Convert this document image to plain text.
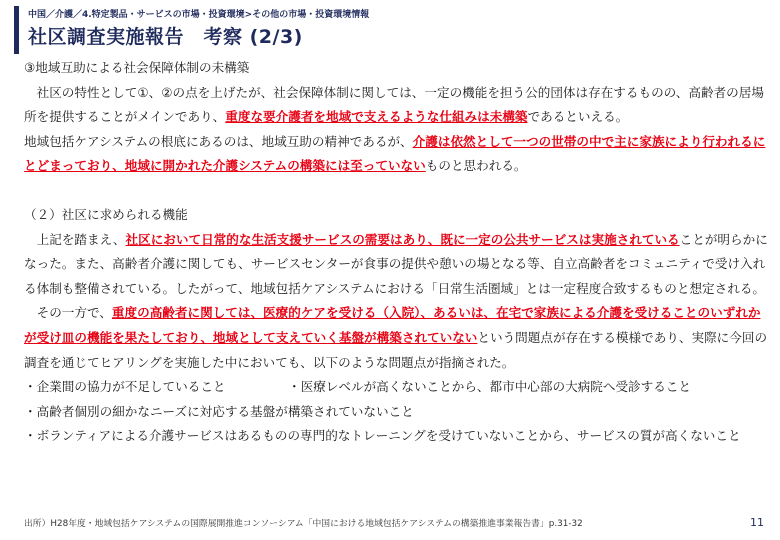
中国／介護／4.特定製品・サービスの市場・投資環境>その他の市場・投資環境情報
社区調査実施報告　考察 (2/3)

③地域互助による社会保障体制の未構築

社区の特性として①、②の点を上げたが、社会保障体制に関しては、一定の機能を担う公的団体は存在するものの、高齢者の居場所を提供することがメインであり、重度な要介護者を地域で支えるような仕組みは未構築であるといえる。

地域包括ケアシステムの根底にあるのは、地域互助の精神であるが、介護は依然として一つの世帯の中で主に家族により行われるにとどまっており、地域に開かれた介護システムの構築には至っていないものと思われる。

（２）社区に求められる機能

上記を踏まえ、社区において日常的な生活支援サービスの需要はあり、既に一定の公共サービスは実施されていることが明らかになった。また、高齢者介護に関しても、サービスセンターが食事の提供や憩いの場となる等、自立高齢者をコミュニティで受け入れる体制も整備されている。したがって、地域包括ケアシステムにおける「日常生活圏域」とは一定程度合致するものと想定される。

その一方で、重度の高齢者に関しては、医療的ケアを受ける（入院）、あるいは、在宅で家族による介護を受けることのいずれかが受け皿の機能を果たしており、地域として支えていく基盤が構築されていないという問題点が存在する模様であり、実際に今回の調査を通じてヒアリングを実施した中においても、以下のような問題点が指摘された。

・企業間の協力が不足していること	・医療レベルが高くないことから、都市中心部の大病院へ受診すること

・高齢者個別の細かなニーズに対応する基盤が構築されていないこと

・ボランティアによる介護サービスはあるものの専門的なトレーニングを受けていないことから、サービスの質が高くないこと

出所）H28年度・地域包括ケアシステムの国際展開推進コンソーシアム「中国における地域包括ケアシステムの構築推進事業報告書」p.31-32	11
